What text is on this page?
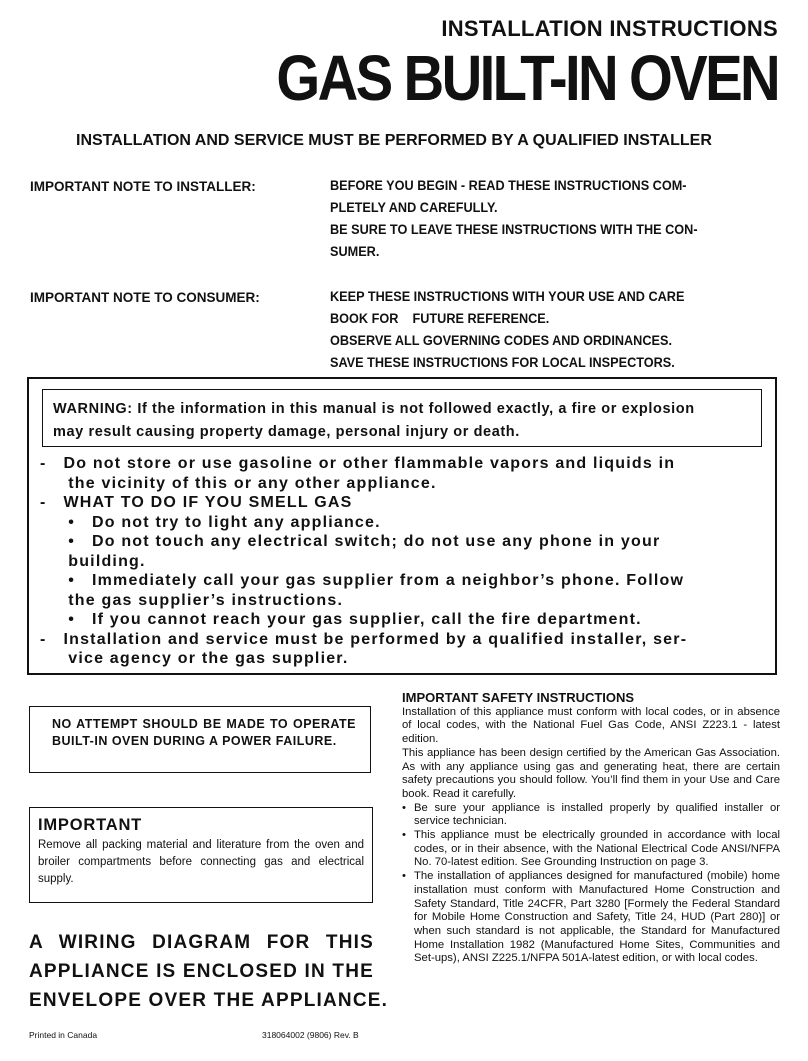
INSTALLATION INSTRUCTIONS
GAS BUILT-IN OVEN
INSTALLATION AND SERVICE MUST BE PERFORMED BY A QUALIFIED INSTALLER
IMPORTANT NOTE TO INSTALLER:	BEFORE YOU BEGIN - READ THESE INSTRUCTIONS COM-
PLETELY AND CAREFULLY.
BE SURE TO LEAVE THESE INSTRUCTIONS WITH THE CON-
SUMER.
IMPORTANT NOTE TO CONSUMER:	KEEP THESE INSTRUCTIONS WITH YOUR USE AND CARE
BOOK FOR    FUTURE REFERENCE.
OBSERVE ALL GOVERNING CODES AND ORDINANCES.
SAVE THESE INSTRUCTIONS FOR LOCAL INSPECTORS.
WARNING: If the information in this manual is not followed exactly, a fire or explosion
may result causing property damage, personal injury or death.
-   Do not store or use gasoline or other flammable vapors and liquids in
the vicinity of this or any other appliance.
-   WHAT TO DO IF YOU SMELL GAS
•   Do not try to light any appliance.
•   Do not touch any electrical switch; do not use any phone in your
building.
•   Immediately call your gas supplier from a neighbor’s phone. Follow
the gas supplier’s instructions.
•   If you cannot reach your gas supplier, call the fire department.
-   Installation and service must be performed by a qualified installer, ser-
vice agency or the gas supplier.
NO ATTEMPT SHOULD BE MADE TO OPERATE BUILT-IN OVEN DURING A POWER FAILURE.
IMPORTANT
Remove all packing material and literature from the oven and broiler compartments before connecting gas and electrical supply.
A WIRING DIAGRAM FOR THIS
APPLIANCE IS ENCLOSED IN THE
ENVELOPE OVER THE APPLIANCE.
IMPORTANT SAFETY INSTRUCTIONS
Installation of this appliance must conform with local codes, or in absence of local codes, with the National Fuel Gas Code, ANSI Z223.1 - latest edition.
This appliance has been design certified by the American Gas Association. As with any appliance using gas and generating heat, there are certain safety precautions you should follow. You’ll find them in your Use and Care book. Read it carefully.
• Be sure your appliance is installed properly by qualified installer or service technician.
• This appliance must be electrically grounded in accordance with local codes, or in their absence, with the National Electrical Code ANSI/NFPA No. 70-latest edition. See Grounding Instruction on page 3.
• The installation of appliances designed for manufactured (mobile) home installation must conform with Manufactured Home Construction and Safety Standard, Title 24CFR, Part 3280 [Formely the Federal Standard for Mobile Home Construction and Safety, Title 24, HUD (Part 280)] or when such standard is not applicable, the Standard for Manufactured Home Installation 1982 (Manufactured Home Sites, Communities and Set-ups), ANSI Z225.1/NFPA 501A-latest edition, or with local codes.
Printed in Canada	318064002 (9806) Rev. B
